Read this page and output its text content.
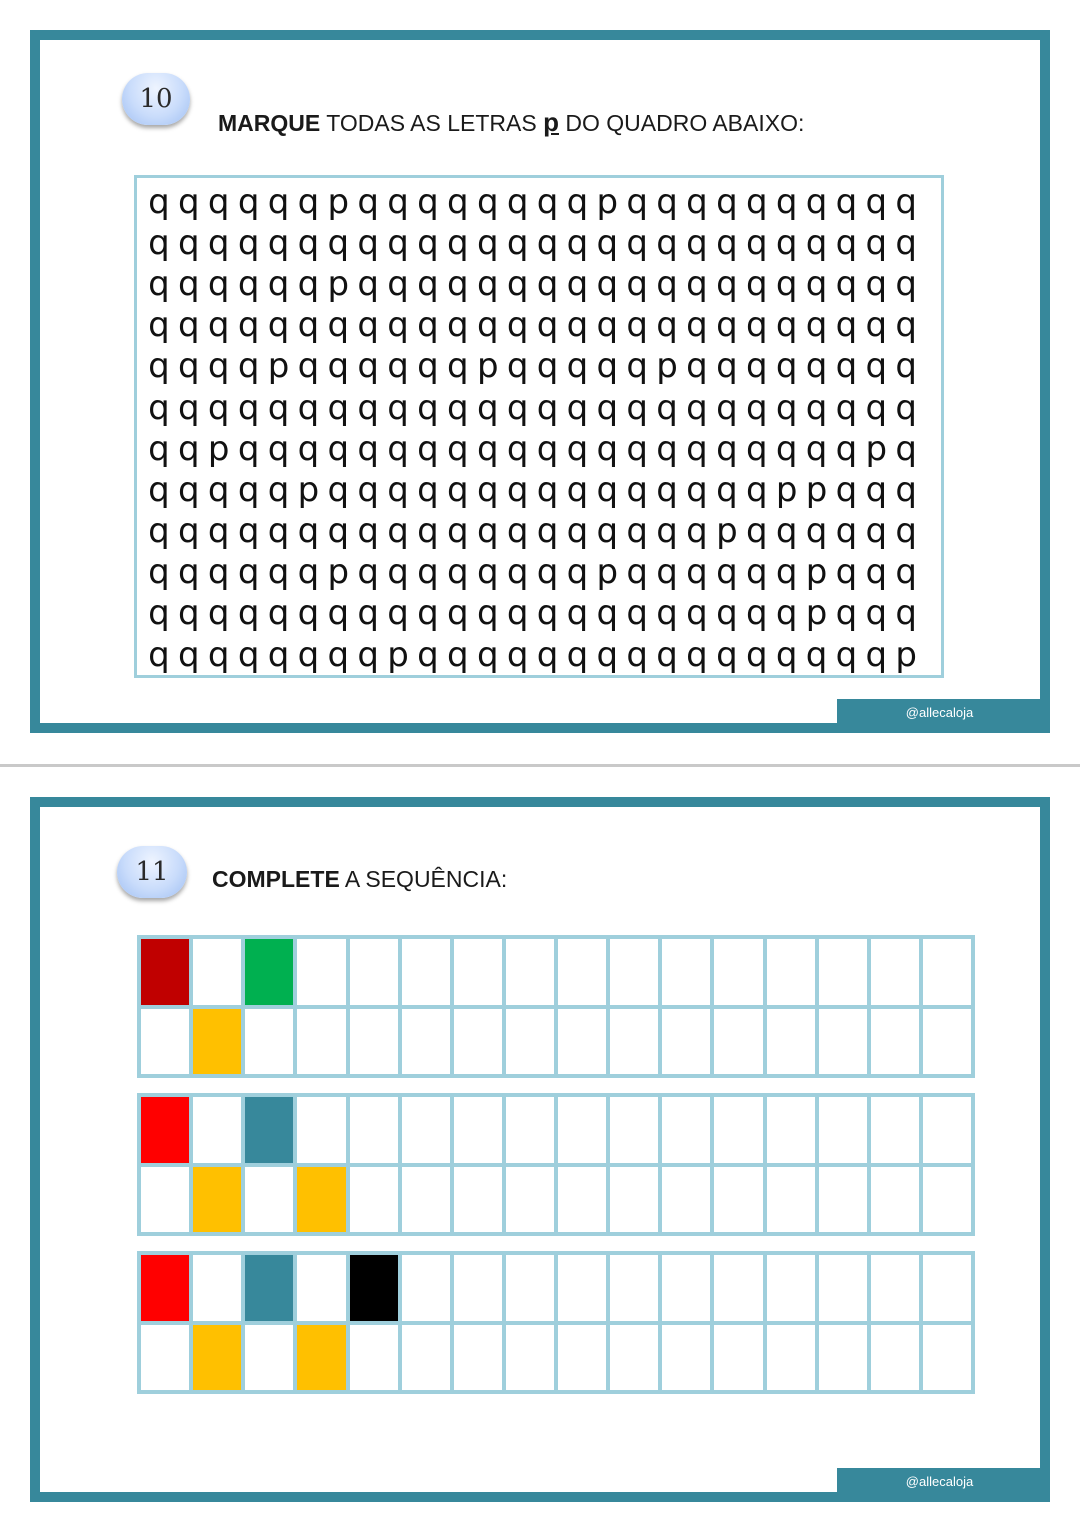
10
MARQUE TODAS AS LETRAS p DO QUADRO ABAIXO:
q q q q q q p q q q q q q q q p q q q q q q q q q q
q q q q q q q q q q q q q q q q q q q q q q q q q q
q q q q q q p q q q q q q q q q q q q q q q q q q q
q q q q q q q q q q q q q q q q q q q q q q q q q q
q q q q p q q q q q q p q q q q q p q q q q q q q q
q q q q q q q q q q q q q q q q q q q q q q q q q q
q q p q q q q q q q q q q q q q q q q q q q q q p q
q q q q q p q q q q q q q q q q q q q q q p p q q q
q q q q q q q q q q q q q q q q q q q p q q q q q q
q q q q q q p q q q q q q q q p q q q q q q p q q q
q q q q q q q q q q q q q q q q q q q q q q p q q q
q q q q q q q q p q q q q q q q q q q q q q q q q p
@allecaloja
11	COMPLETE A SEQUÊNCIA:
@allecaloja
